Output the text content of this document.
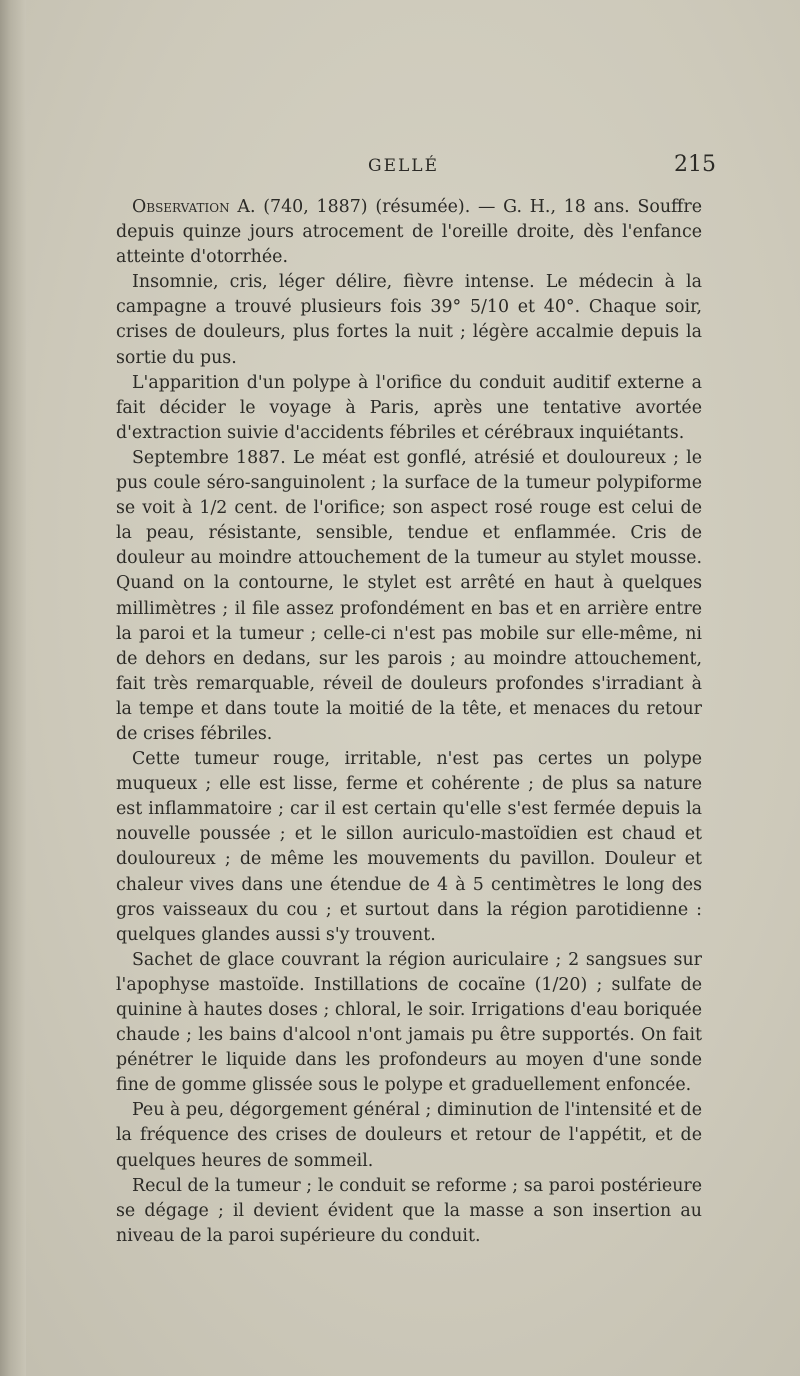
GELLÉ	215

Observation A. (740, 1887) (résumée). — G. H., 18 ans. Souffre depuis quinze jours atrocement de l'oreille droite, dès l'enfance atteinte d'otorrhée.

Insomnie, cris, léger délire, fièvre intense. Le médecin à la campagne a trouvé plusieurs fois 39° 5/10 et 40°. Chaque soir, crises de douleurs, plus fortes la nuit ; légère accalmie depuis la sortie du pus.

L'apparition d'un polype à l'orifice du conduit auditif externe a fait décider le voyage à Paris, après une tentative avortée d'extraction suivie d'accidents fébriles et cérébraux inquiétants.

Septembre 1887. Le méat est gonflé, atrésié et douloureux ; le pus coule séro-sanguinolent ; la surface de la tumeur polypiforme se voit à 1/2 cent. de l'orifice; son aspect rosé rouge est celui de la peau, résistante, sensible, tendue et enflammée. Cris de douleur au moindre attouchement de la tumeur au stylet mousse. Quand on la contourne, le stylet est arrêté en haut à quelques millimètres ; il file assez profondément en bas et en arrière entre la paroi et la tumeur ; celle-ci n'est pas mobile sur elle-même, ni de dehors en dedans, sur les parois ; au moindre attouchement, fait très remarquable, réveil de douleurs profondes s'irradiant à la tempe et dans toute la moitié de la tête, et menaces du retour de crises fébriles.

Cette tumeur rouge, irritable, n'est pas certes un polype muqueux ; elle est lisse, ferme et cohérente ; de plus sa nature est inflammatoire ; car il est certain qu'elle s'est fermée depuis la nouvelle poussée ; et le sillon auriculo-mastoïdien est chaud et douloureux ; de même les mouvements du pavillon. Douleur et chaleur vives dans une étendue de 4 à 5 centimètres le long des gros vaisseaux du cou ; et surtout dans la région parotidienne : quelques glandes aussi s'y trouvent.

Sachet de glace couvrant la région auriculaire ; 2 sangsues sur l'apophyse mastoïde. Instillations de cocaïne (1/20) ; sulfate de quinine à hautes doses ; chloral, le soir. Irrigations d'eau boriquée chaude ; les bains d'alcool n'ont jamais pu être supportés. On fait pénétrer le liquide dans les profondeurs au moyen d'une sonde fine de gomme glissée sous le polype et graduellement enfoncée.

Peu à peu, dégorgement général ; diminution de l'intensité et de la fréquence des crises de douleurs et retour de l'appétit, et de quelques heures de sommeil.

Recul de la tumeur ; le conduit se reforme ; sa paroi postérieure se dégage ; il devient évident que la masse a son insertion au niveau de la paroi supérieure du conduit.
